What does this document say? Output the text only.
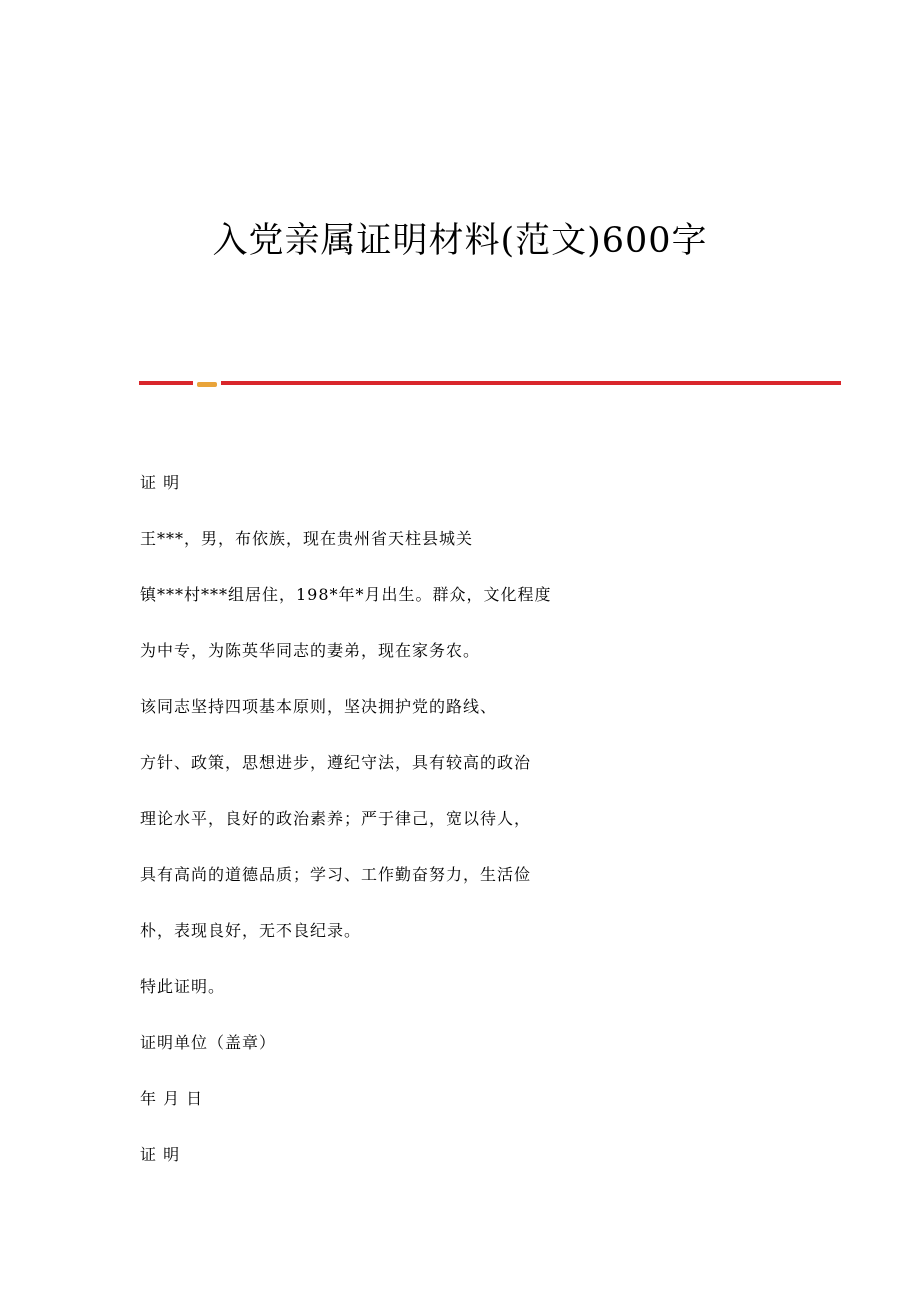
入党亲属证明材料(范文)600字
证 明
王***，男，布依族，现在贵州省天柱县城关
镇***村***组居住，198*年*月出生。群众，文化程度
为中专，为陈英华同志的妻弟，现在家务农。
该同志坚持四项基本原则，坚决拥护党的路线、
方针、政策，思想进步，遵纪守法，具有较高的政治
理论水平，良好的政治素养；严于律己，宽以待人，
具有高尚的道德品质；学习、工作勤奋努力，生活俭
朴，表现良好，无不良纪录。
特此证明。
证明单位（盖章）
年 月 日
证 明
